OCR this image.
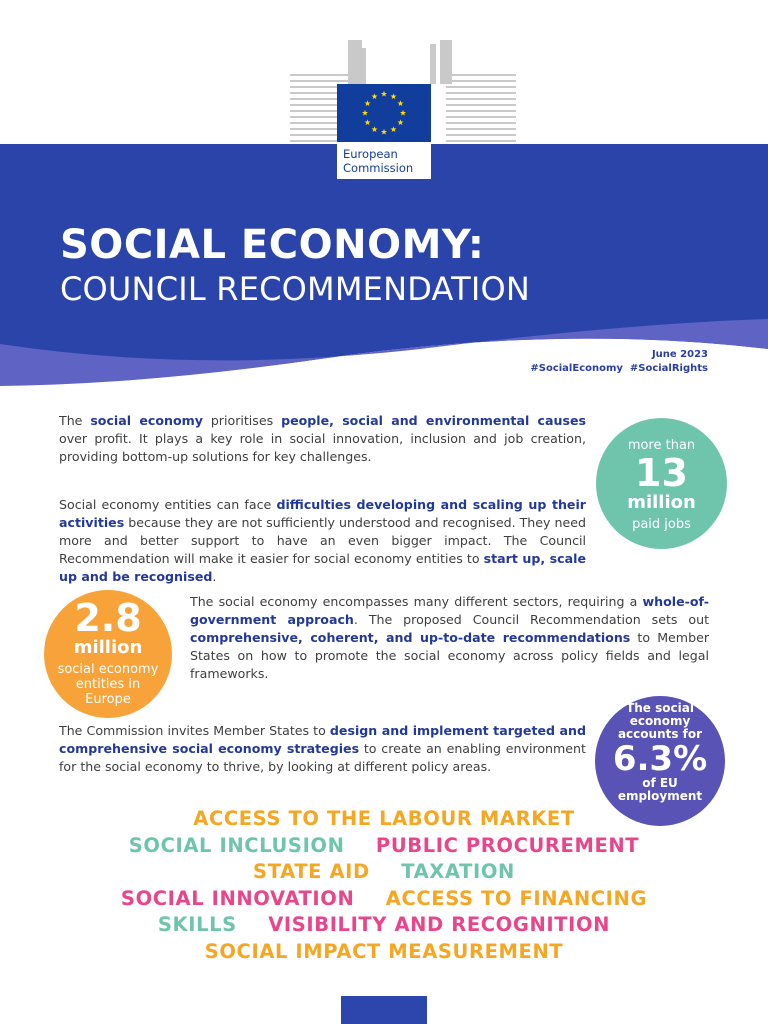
European
Commission
SOCIAL ECONOMY:
COUNCIL RECOMMENDATION
June 2023
#SocialEconomy  #SocialRights
The social economy prioritises people, social and environmental causes over profit. It plays a key role in social innovation, inclusion and job creation, providing bottom-up solutions for key challenges.
Social economy entities can face difficulties developing and scaling up their activities because they are not sufficiently understood and recognised. They need more and better support to have an even bigger impact. The Council Recommendation will make it easier for social economy entities to start up, scale up and be recognised.
The social economy encompasses many different sectors, requiring a whole-of-government approach. The proposed Council Recommendation sets out comprehensive, coherent, and up-to-date recommendations to Member States on how to promote the social economy across policy fields and legal frameworks.
The Commission invites Member States to design and implement targeted and comprehensive social economy strategies to create an enabling environment for the social economy to thrive, by looking at different policy areas.
more than
13
million
paid jobs
2.8
million
social economy
entities in
Europe
The social
economy
accounts for
6.3%
of EU
employment
ACCESS TO THE LABOUR MARKET
SOCIAL INCLUSION PUBLIC PROCUREMENT
STATE AID TAXATION
SOCIAL INNOVATION ACCESS TO FINANCING
SKILLS VISIBILITY AND RECOGNITION
SOCIAL IMPACT MEASUREMENT
